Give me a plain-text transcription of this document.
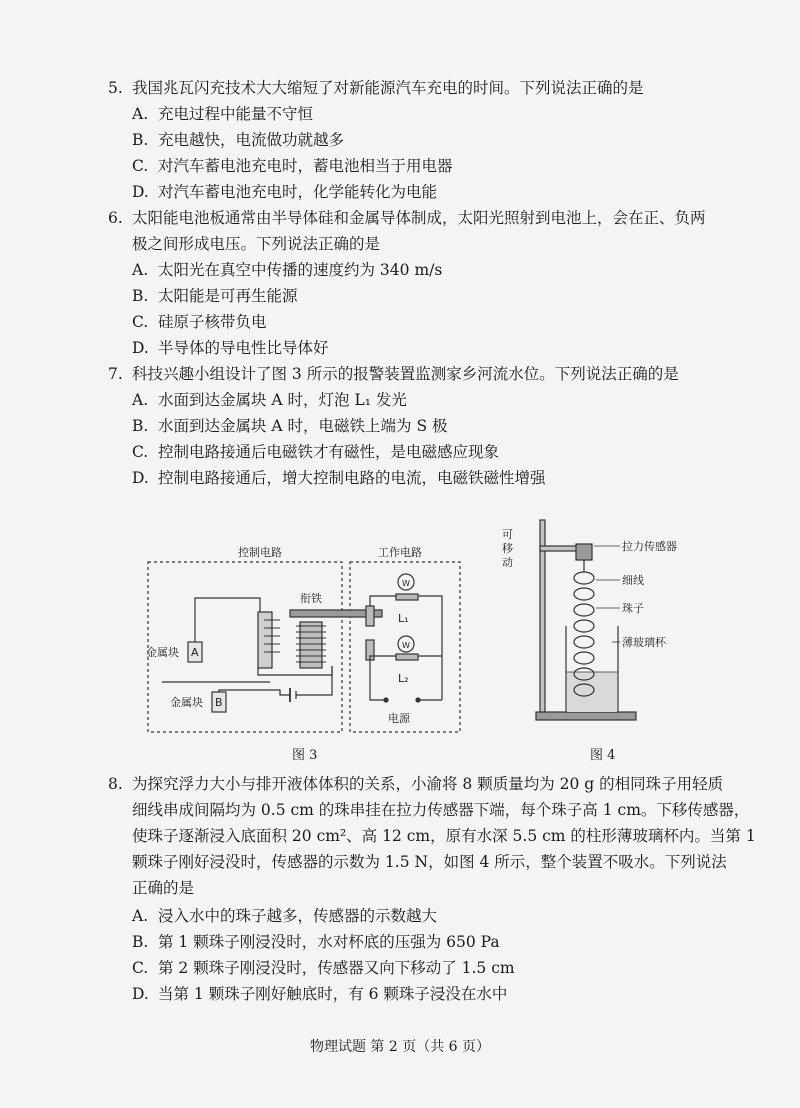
5. 我国兆瓦闪充技术大大缩短了对新能源汽车充电的时间。下列说法正确的是
A. 充电过程中能量不守恒
B. 充电越快，电流做功就越多
C. 对汽车蓄电池充电时，蓄电池相当于用电器
D. 对汽车蓄电池充电时，化学能转化为电能
6. 太阳能电池板通常由半导体硅和金属导体制成，太阳光照射到电池上，会在正、负两
极之间形成电压。下列说法正确的是
A. 太阳光在真空中传播的速度约为 340 m/s
B. 太阳能是可再生能源
C. 硅原子核带负电
D. 半导体的导电性比导体好
7. 科技兴趣小组设计了图 3 所示的报警装置监测家乡河流水位。下列说法正确的是
A. 水面到达金属块 A 时，灯泡 L₁ 发光
B. 水面到达金属块 A 时，电磁铁上端为 S 极
C. 控制电路接通后电磁铁才有磁性，是电磁感应现象
D. 控制电路接通后，增大控制电路的电流，电磁铁磁性增强
控制电路	工作电路
衔铁
金属块 A
金属块 B
W
W
L₁
L₂
电源
图 3
可
移
动
拉力传感器
细线
珠子
薄玻璃杯
图 4
8. 为探究浮力大小与排开液体体积的关系，小渝将 8 颗质量均为 20 g 的相同珠子用轻质
细线串成间隔均为 0.5 cm 的珠串挂在拉力传感器下端，每个珠子高 1 cm。下移传感器，
使珠子逐渐浸入底面积 20 cm²、高 12 cm，原有水深 5.5 cm 的柱形薄玻璃杯内。当第 1
颗珠子刚好浸没时，传感器的示数为 1.5 N，如图 4 所示，整个装置不吸水。下列说法
正确的是
A. 浸入水中的珠子越多，传感器的示数越大
B. 第 1 颗珠子刚浸没时，水对杯底的压强为 650 Pa
C. 第 2 颗珠子刚浸没时，传感器又向下移动了 1.5 cm
D. 当第 1 颗珠子刚好触底时，有 6 颗珠子浸没在水中
物理试题 第 2 页（共 6 页）
